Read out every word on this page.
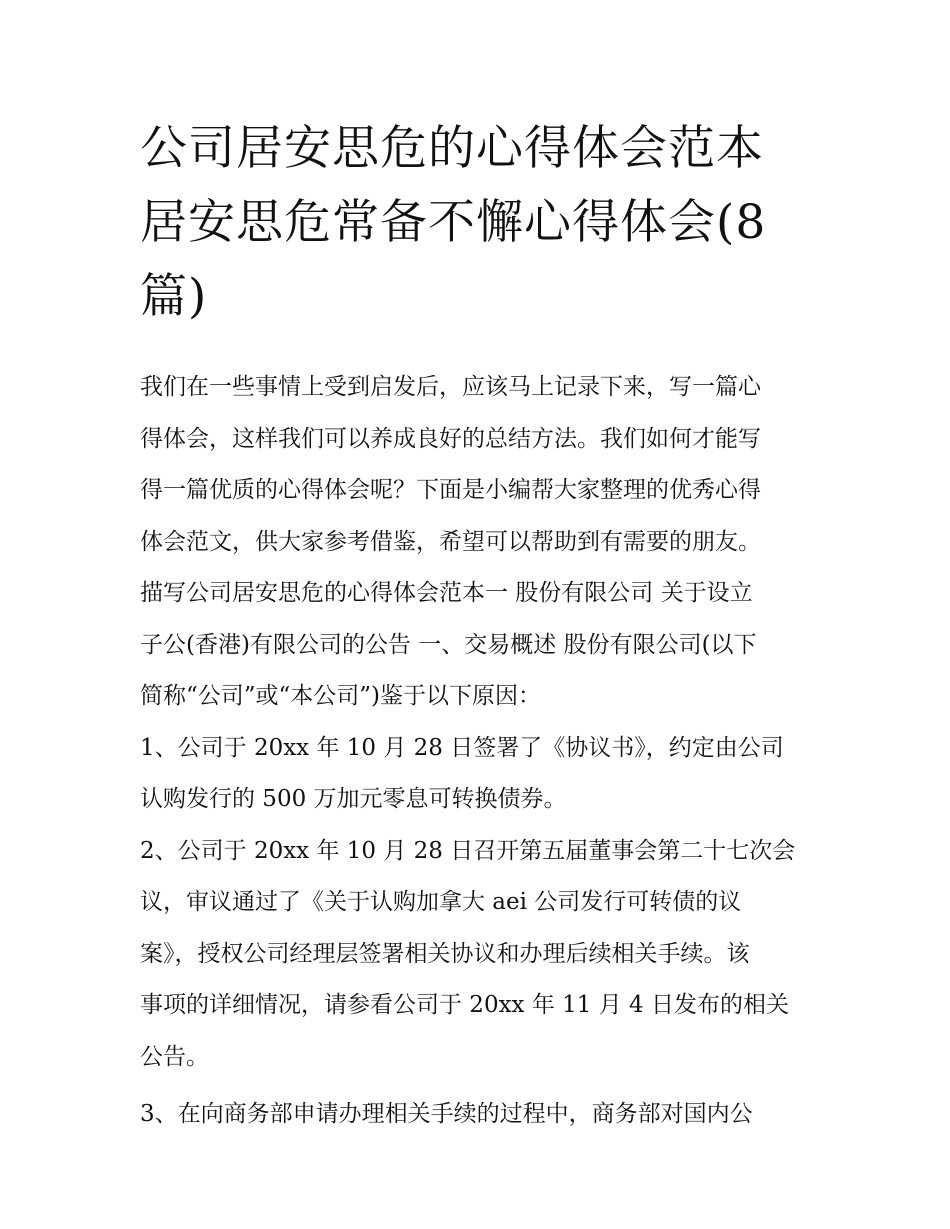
公司居安思危的心得体会范本
居安思危常备不懈心得体会(8
篇)
我们在一些事情上受到启发后，应该马上记录下来，写一篇心
得体会，这样我们可以养成良好的总结方法。我们如何才能写
得一篇优质的心得体会呢？下面是小编帮大家整理的优秀心得
体会范文，供大家参考借鉴，希望可以帮助到有需要的朋友。
描写公司居安思危的心得体会范本一 股份有限公司 关于设立
子公(香港)有限公司的公告 一、交易概述 股份有限公司(以下
简称“公司”或“本公司”)鉴于以下原因：
1、公司于 20xx 年 10 月 28 日签署了《协议书》，约定由公司
认购发行的 500 万加元零息可转换债券。
2、公司于 20xx 年 10 月 28 日召开第五届董事会第二十七次会
议，审议通过了《关于认购加拿大 aei 公司发行可转债的议
案》，授权公司经理层签署相关协议和办理后续相关手续。该
事项的详细情况，请参看公司于 20xx 年 11 月 4 日发布的相关
公告。
3、在向商务部申请办理相关手续的过程中，商务部对国内公
